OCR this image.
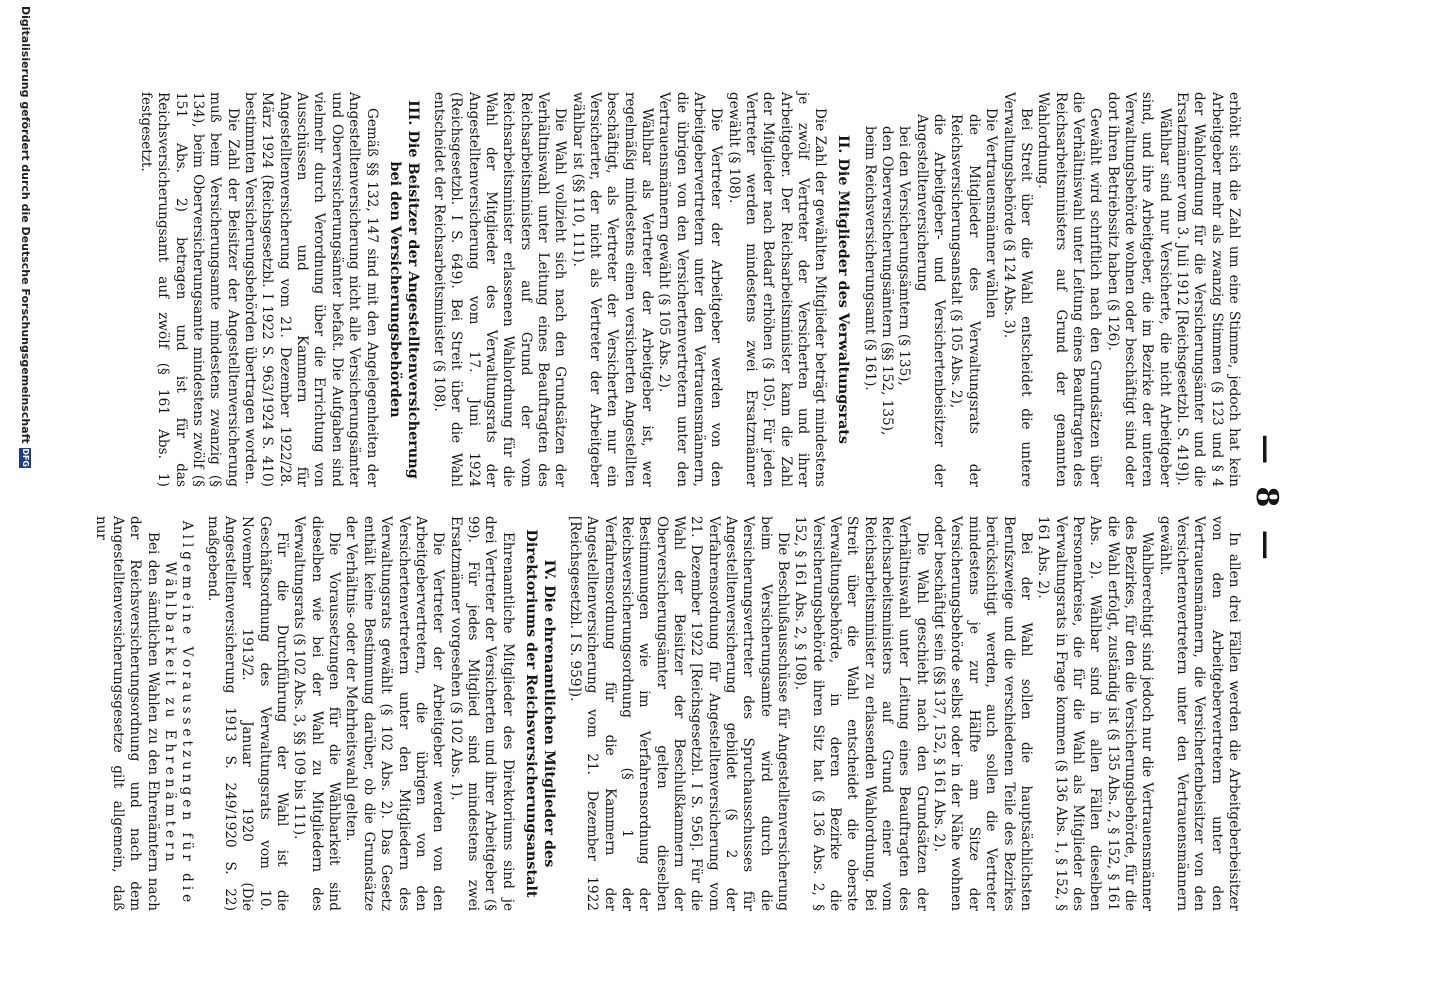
— 8 —

erhöht sich die Zahl um eine Stimme, jedoch hat kein Arbeitgeber mehr als zwanzig Stimmen (§ 123 und § 4 der Wahlordnung für die Versicherungsämter und die Ersatzmänner vom 3. Juli 1912 [Reichsgesetzbl. S. 419]).

Wählbar sind nur Versicherte, die nicht Arbeitgeber sind, und ihre Arbeitgeber, die im Bezirke der unteren Verwaltungsbehörde wohnen oder beschäftigt sind oder dort ihren Betriebssitz haben (§ 126).

Gewählt wird schriftlich nach den Grundsätzen über die Verhältniswahl unter Leitung eines Beauftragten des Reichsarbeitsministers auf Grund der genannten Wahlordnung.

Bei Streit über die Wahl entscheidet die untere Verwaltungsbehörde (§ 124 Abs. 3).

Die Vertrauensmänner wählen

die Mitglieder des Verwaltungsrats der Reichsversicherungsanstalt (§ 105 Abs. 2),

die Arbeitgeber- und Versichertenbeisitzer der Angestelltenversicherung

bei den Versicherungsämtern (§ 135),

den Oberversicherungsämtern (§§ 152, 135),

beim Reichsversicherungsamt (§ 161).

II. Die Mitglieder des Verwaltungsrats

Die Zahl der gewählten Mitglieder beträgt mindestens je zwölf Vertreter der Versicherten und ihrer Arbeitgeber. Der Reichsarbeitsminister kann die Zahl der Mitglieder nach Bedarf erhöhen (§ 105). Für jeden Vertreter werden mindestens zwei Ersatzmänner gewählt (§ 108).

Die Vertreter der Arbeitgeber werden von den Arbeitgebervertretern unter den Vertrauensmännern, die übrigen von den Versichertenvertretern unter den Vertrauensmännern gewählt (§ 105 Abs. 2).

Wählbar als Vertreter der Arbeitgeber ist, wer regelmäßig mindestens einen versicherten Angestellten beschäftigt, als Vertreter der Versicherten nur ein Versicherter, der nicht als Vertreter der Arbeitgeber wählbar ist (§§ 110, 111).

Die Wahl vollzieht sich nach den Grundsätzen der Verhältniswahl unter Leitung eines Beauftragten des Reichsarbeitsministers auf Grund der vom Reichsarbeitsminister erlassenen Wahlordnung für die Wahl der Mitglieder des Verwaltungsrats der Angestelltenversicherung vom 17. Juni 1924 (Reichsgesetzbl. I S. 649). Bei Streit über die Wahl entscheidet der Reichsarbeitsminister (§ 108).

III. Die Beisitzer der Angestelltenversicherung bei den Versicherungsbehörden

Gemäß §§ 132, 147 sind mit den Angelegenheiten der Angestelltenversicherung nicht alle Versicherungsämter und Oberversicherungsämter befaßt. Die Aufgaben sind vielmehr durch Verordnung über die Errichtung von Ausschüssen und Kammern für Angestelltenversicherung vom 21. Dezember 1922/28. März 1924 (Reichsgesetzbl. I 1922 S. 963/1924 S. 410) bestimmten Versicherungsbehörden übertragen worden.

Die Zahl der Beisitzer der Angestelltenversicherung muß beim Versicherungsamte mindestens zwanzig (§ 134), beim Oberversicherungsamte mindestens zwölf (§ 151 Abs. 2) betragen und ist für das Reichsversicherungsamt auf zwölf (§ 161 Abs. 1) festgesetzt.

In allen drei Fällen werden die Arbeitgeberbeisitzer von den Arbeitgebervertretern unter den Vertrauensmännern, die Versichertenbeisitzer von den Versichertenvertretern unter den Vertrauensmännern gewählt.

Wahlberechtigt sind jedoch nur die Vertrauensmänner des Bezirkes, für den die Versicherungsbehörde, für die die Wahl erfolgt, zuständig ist (§ 135 Abs. 2, § 152, § 161 Abs. 2). Wählbar sind in allen Fällen dieselben Personenkreise, die für die Wahl als Mitglieder des Verwaltungsrats in Frage kommen (§ 136 Abs. 1, § 152, § 161 Abs. 2).

Bei der Wahl sollen die hauptsächlichsten Berufszweige und die verschiedenen Teile des Bezirkes berücksichtigt werden, auch sollen die Vertreter mindestens je zur Hälfte am Sitze der Versicherungsbehörde selbst oder in der Nähe wohnen oder beschäftigt sein (§§ 137, 152, § 161 Abs. 2).

Die Wahl geschieht nach den Grundsätzen der Verhältniswahl unter Leitung eines Beauftragten des Reichsarbeitsministers auf Grund einer vom Reichsarbeitsminister zu erlassenden Wahlordnung. Bei Streit über die Wahl entscheidet die oberste Verwaltungsbehörde, in deren Bezirke die Versicherungsbehörde ihren Sitz hat (§ 136 Abs. 2, § 152, § 161 Abs. 2, § 108).

Die Beschlußausschüsse für Angestelltenversicherung beim Versicherungsamte wird durch die Versicherungsvertreter des Spruchausschusses für Angestelltenversicherung gebildet (§ 2 der Verfahrensordnung für Angestelltenversicherung vom 21. Dezember 1922 [Reichsgesetzbl. I S. 956]. Für die Wahl der Beisitzer der Beschlußkammern der Oberversicherungsämter gelten dieselben Bestimmungen wie im Verfahrensordnung der Reichsversicherungsordnung (§ 1 der Verfahrensordnung für die Kammern der Angestelltenversicherung vom 21. Dezember 1922 [Reichsgesetzbl. I S. 959]).

IV. Die ehrenamtlichen Mitglieder des Direktoriums der Reichsversicherungsanstalt

Ehrenamtliche Mitglieder des Direktoriums sind je drei Vertreter der Versicherten und ihrer Arbeitgeber (§ 99). Für jedes Mitglied sind mindestens zwei Ersatzmänner vorgesehen (§ 102 Abs. 1).

Die Vertreter der Arbeitgeber werden von den Arbeitgebervertretern, die übrigen von den Versichertenvertretern unter den Mitgliedern des Verwaltungsrats gewählt (§ 102 Abs. 2). Das Gesetz enthält keine Bestimmung darüber, ob die Grundsätze der Verhältnis- oder der Mehrheitswahl gelten.

Die Voraussetzungen für die Wählbarkeit sind dieselben wie bei der Wahl zu Mitgliedern des Verwaltungsrats (§ 102 Abs. 3, §§ 109 bis 111).

Für die Durchführung der Wahl ist die Geschäftsordnung des Verwaltungsrats vom 10. November 1913/2. Januar 1920 (Die Angestelltenversicherung 1913 S. 249/1920 S. 22) maßgebend.

Allgemeine Voraussetzungen für die Wählbarkeit zu Ehrenämtern

Bei den sämtlichen Wahlen zu den Ehrenämtern nach der Reichsversicherungsordnung und nach dem Angestelltenversicherungsgesetze gilt allgemein, daß nur

Digitalisierung gefördert durch die Deutsche Forschungsgemeinschaft
DFG
